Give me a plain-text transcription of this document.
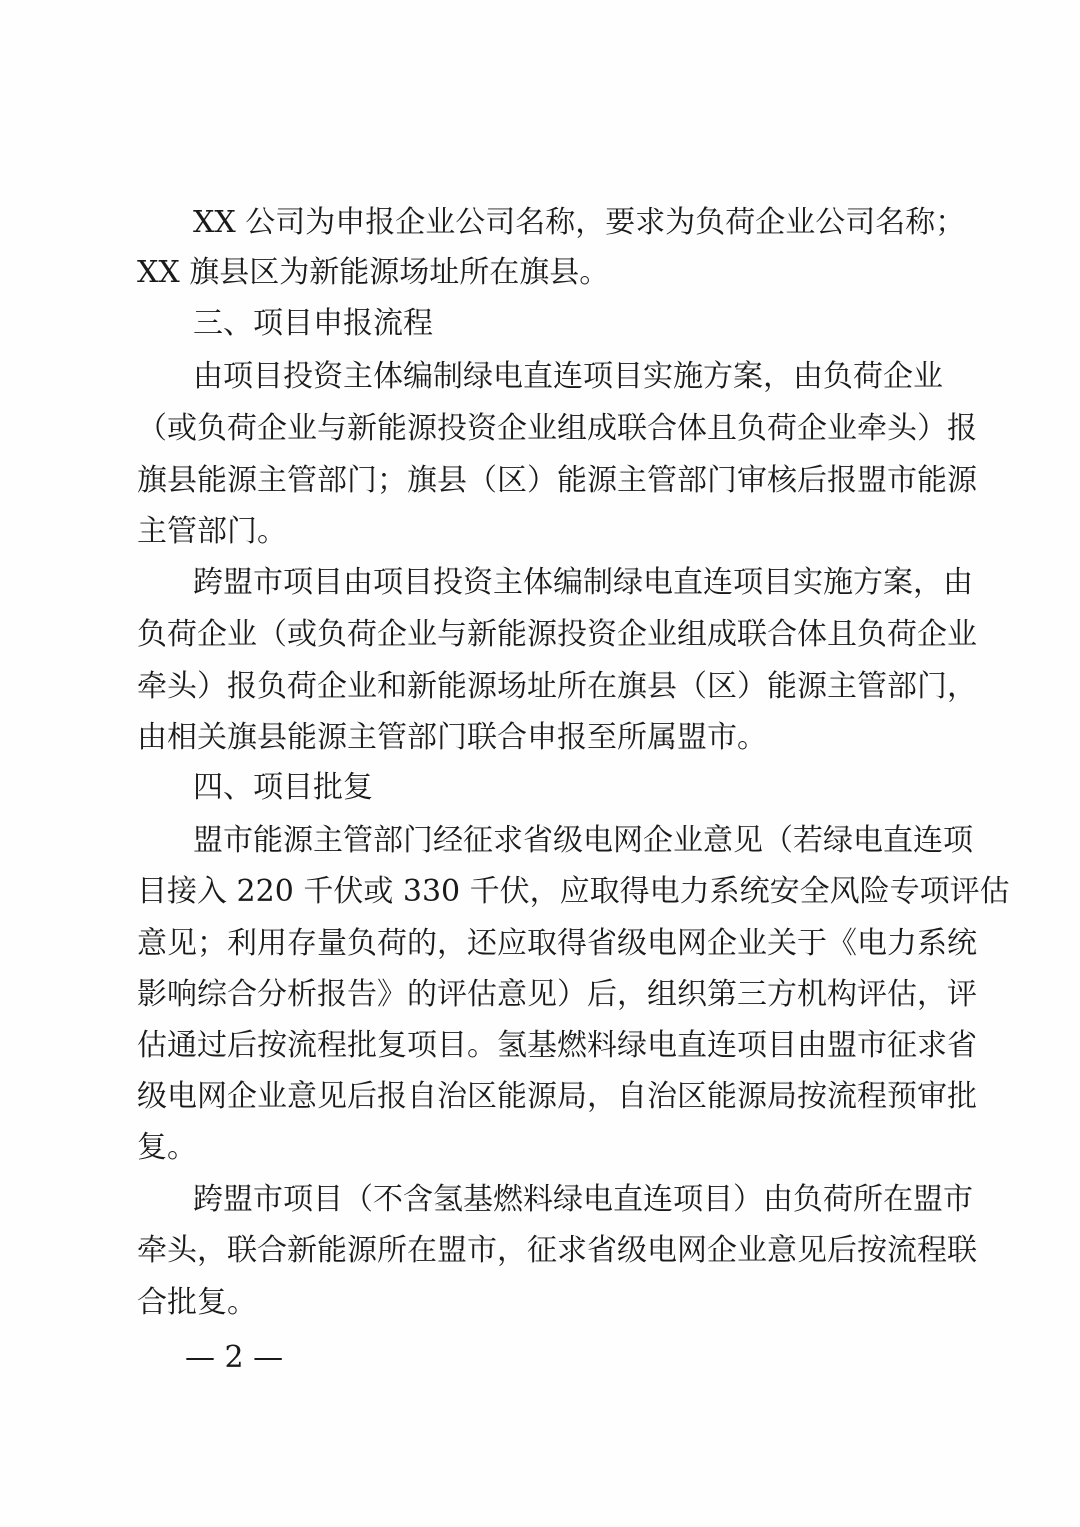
XX 公司为申报企业公司名称，要求为负荷企业公司名称；
XX 旗县区为新能源场址所在旗县。
三、项目申报流程
由项目投资主体编制绿电直连项目实施方案，由负荷企业
（或负荷企业与新能源投资企业组成联合体且负荷企业牵头）报
旗县能源主管部门；旗县（区）能源主管部门审核后报盟市能源
主管部门。
跨盟市项目由项目投资主体编制绿电直连项目实施方案，由
负荷企业（或负荷企业与新能源投资企业组成联合体且负荷企业
牵头）报负荷企业和新能源场址所在旗县（区）能源主管部门，
由相关旗县能源主管部门联合申报至所属盟市。
四、项目批复
盟市能源主管部门经征求省级电网企业意见（若绿电直连项
目接入 220 千伏或 330 千伏，应取得电力系统安全风险专项评估
意见；利用存量负荷的，还应取得省级电网企业关于《电力系统
影响综合分析报告》的评估意见）后，组织第三方机构评估，评
估通过后按流程批复项目。氢基燃料绿电直连项目由盟市征求省
级电网企业意见后报自治区能源局，自治区能源局按流程预审批
复。
跨盟市项目（不含氢基燃料绿电直连项目）由负荷所在盟市
牵头，联合新能源所在盟市，征求省级电网企业意见后按流程联
合批复。
— 2 —
